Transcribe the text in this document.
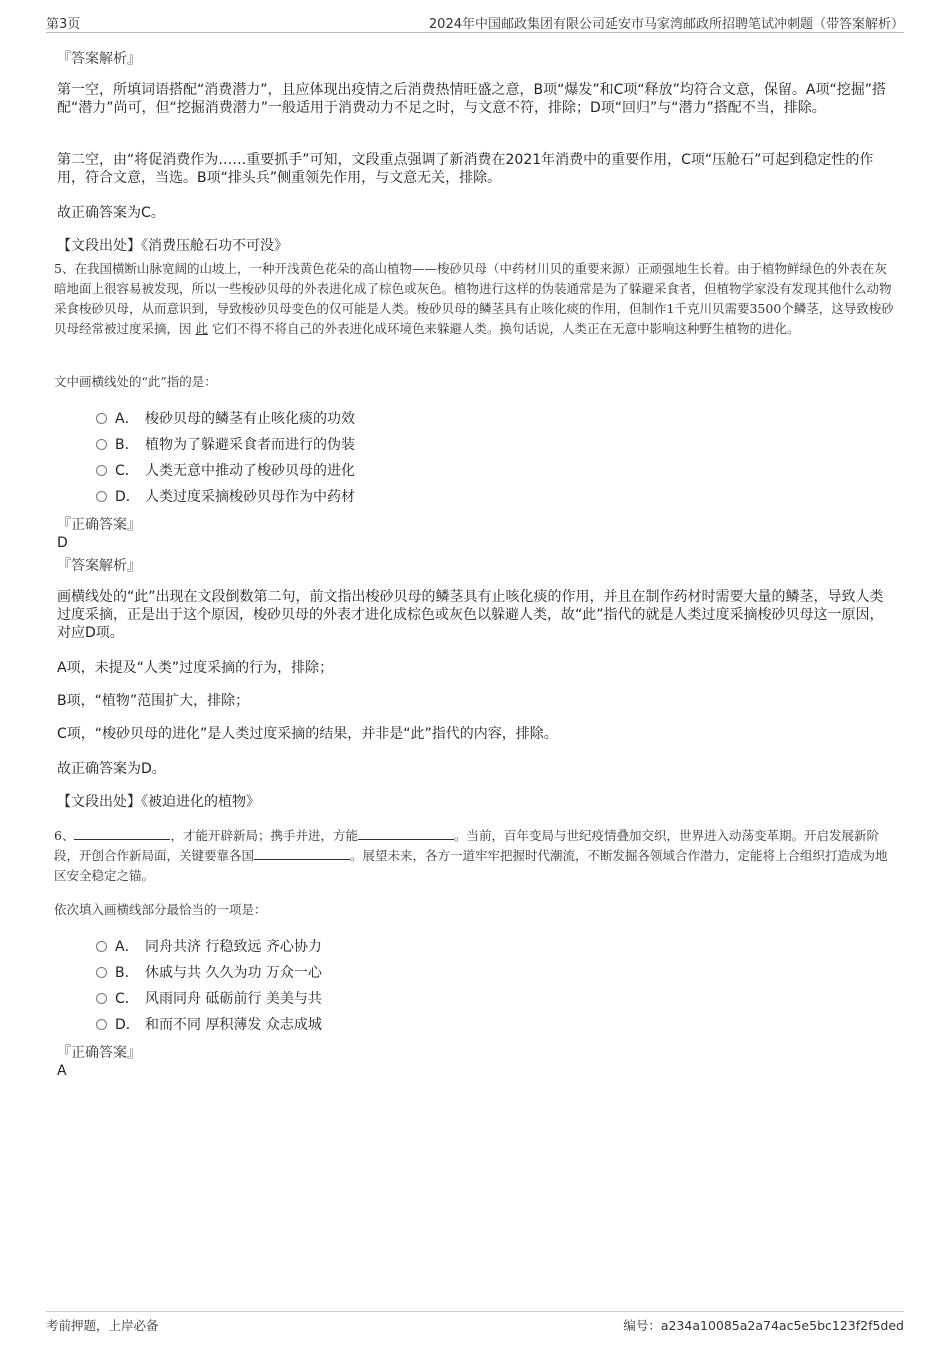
第3页	2024年中国邮政集团有限公司延安市马家湾邮政所招聘笔试冲刺题（带答案解析）
『答案解析』
第一空，所填词语搭配“消费潜力”，且应体现出疫情之后消费热情旺盛之意，B项“爆发”和C项“释放”均符合文意，保留。A项“挖掘”搭配“潜力”尚可，但“挖掘消费潜力”一般适用于消费动力不足之时，与文意不符，排除；D项“回归”与“潜力”搭配不当，排除。
第二空，由“将促消费作为……重要抓手”可知，文段重点强调了新消费在2021年消费中的重要作用，C项“压舱石”可起到稳定性的作用，符合文意，当选。B项“排头兵”侧重领先作用，与文意无关，排除。
故正确答案为C。
【文段出处】《消费压舱石功不可没》
5、在我国横断山脉宽阔的山坡上，一种开浅黄色花朵的高山植物——梭砂贝母（中药材川贝的重要来源）正顽强地生长着。由于植物鲜绿色的外表在灰暗地面上很容易被发现，所以一些梭砂贝母的外表进化成了棕色或灰色。植物进行这样的伪装通常是为了躲避采食者，但植物学家没有发现其他什么动物采食梭砂贝母，从而意识到，导致梭砂贝母变色的仅可能是人类。梭砂贝母的鳞茎具有止咳化痰的作用，但制作1千克川贝需要3500个鳞茎，这导致梭砂贝母经常被过度采摘，因 此 它们不得不将自己的外表进化成环境色来躲避人类。换句话说，人类正在无意中影响这种野生植物的进化。
文中画横线处的“此”指的是：
A． 梭砂贝母的鳞茎有止咳化痰的功效
B． 植物为了躲避采食者而进行的伪装
C． 人类无意中推动了梭砂贝母的进化
D． 人类过度采摘梭砂贝母作为中药材
『正确答案』
D
『答案解析』
画横线处的“此”出现在文段倒数第二句，前文指出梭砂贝母的鳞茎具有止咳化痰的作用，并且在制作药材时需要大量的鳞茎，导致人类过度采摘，正是出于这个原因，梭砂贝母的外表才进化成棕色或灰色以躲避人类，故“此”指代的就是人类过度采摘梭砂贝母这一原因，对应D项。
A项，未提及“人类”过度采摘的行为，排除；
B项，“植物”范围扩大，排除；
C项，“梭砂贝母的进化”是人类过度采摘的结果，并非是“此”指代的内容，排除。
故正确答案为D。
【文段出处】《被迫进化的植物》
6、	，才能开辟新局；携手并进，方能	。当前，百年变局与世纪疫情叠加交织，世界进入动荡变革期。开启发展新阶段，开创合作新局面，关键要靠各国	。展望未来，各方一道牢牢把握时代潮流，不断发掘各领域合作潜力，定能将上合组织打造成为地区安全稳定之锚。
依次填入画横线部分最恰当的一项是：
A． 同舟共济 行稳致远 齐心协力
B． 休戚与共 久久为功 万众一心
C． 风雨同舟 砥砺前行 美美与共
D． 和而不同 厚积薄发 众志成城
『正确答案』
A
考前押题，上岸必备	编号：a234a10085a2a74ac5e5bc123f2f5ded
